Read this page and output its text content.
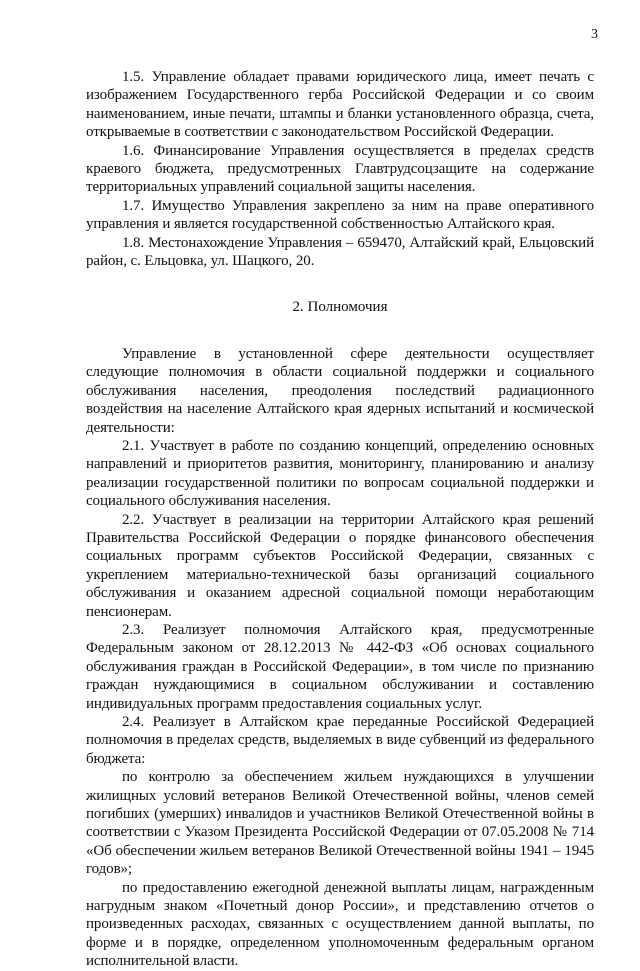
3

1.5. Управление обладает правами юридического лица, имеет печать с изображением Государственного герба Российской Федерации и со своим наименованием, иные печати, штампы и бланки установленного образца, счета, открываемые в соответствии с законодательством Российской Федерации.

1.6. Финансирование Управления осуществляется в пределах средств краевого бюджета, предусмотренных Главтрудсоцзащите на содержание территориальных управлений социальной защиты населения.

1.7. Имущество Управления закреплено за ним на праве оперативного управления и является государственной собственностью Алтайского края.

1.8. Местонахождение Управления – 659470, Алтайский край, Ельцовский район, с. Ельцовка, ул. Шацкого, 20.

2. Полномочия

Управление в установленной сфере деятельности осуществляет следующие полномочия в области социальной поддержки и социального обслуживания населения, преодоления последствий радиационного воздействия на население Алтайского края ядерных испытаний и космической деятельности:

2.1. Участвует в работе по созданию концепций, определению основных направлений и приоритетов развития, мониторингу, планированию и анализу реализации государственной политики по вопросам социальной поддержки и социального обслуживания населения.

2.2. Участвует в реализации на территории Алтайского края решений Правительства Российской Федерации о порядке финансового обеспечения социальных программ субъектов Российской Федерации, связанных с укреплением материально-технической базы организаций социального обслуживания и оказанием адресной социальной помощи неработающим пенсионерам.

2.3. Реализует полномочия Алтайского края, предусмотренные Федеральным законом от 28.12.2013 № 442-ФЗ «Об основах социального обслуживания граждан в Российской Федерации», в том числе по признанию граждан нуждающимися в социальном обслуживании и составлению индивидуальных программ предоставления социальных услуг.

2.4. Реализует в Алтайском крае переданные Российской Федерацией полномочия в пределах средств, выделяемых в виде субвенций из федерального бюджета:

по контролю за обеспечением жильем нуждающихся в улучшении жилищных условий ветеранов Великой Отечественной войны, членов семей погибших (умерших) инвалидов и участников Великой Отечественной войны в соответствии с Указом Президента Российской Федерации от 07.05.2008 № 714 «Об обеспечении жильем ветеранов Великой Отечественной войны 1941 – 1945 годов»;

по предоставлению ежегодной денежной выплаты лицам, награжденным нагрудным знаком «Почетный донор России», и представлению отчетов о произведенных расходах, связанных с осуществлением данной выплаты, по форме и в порядке, определенном уполномоченным федеральным органом исполнительной власти.
